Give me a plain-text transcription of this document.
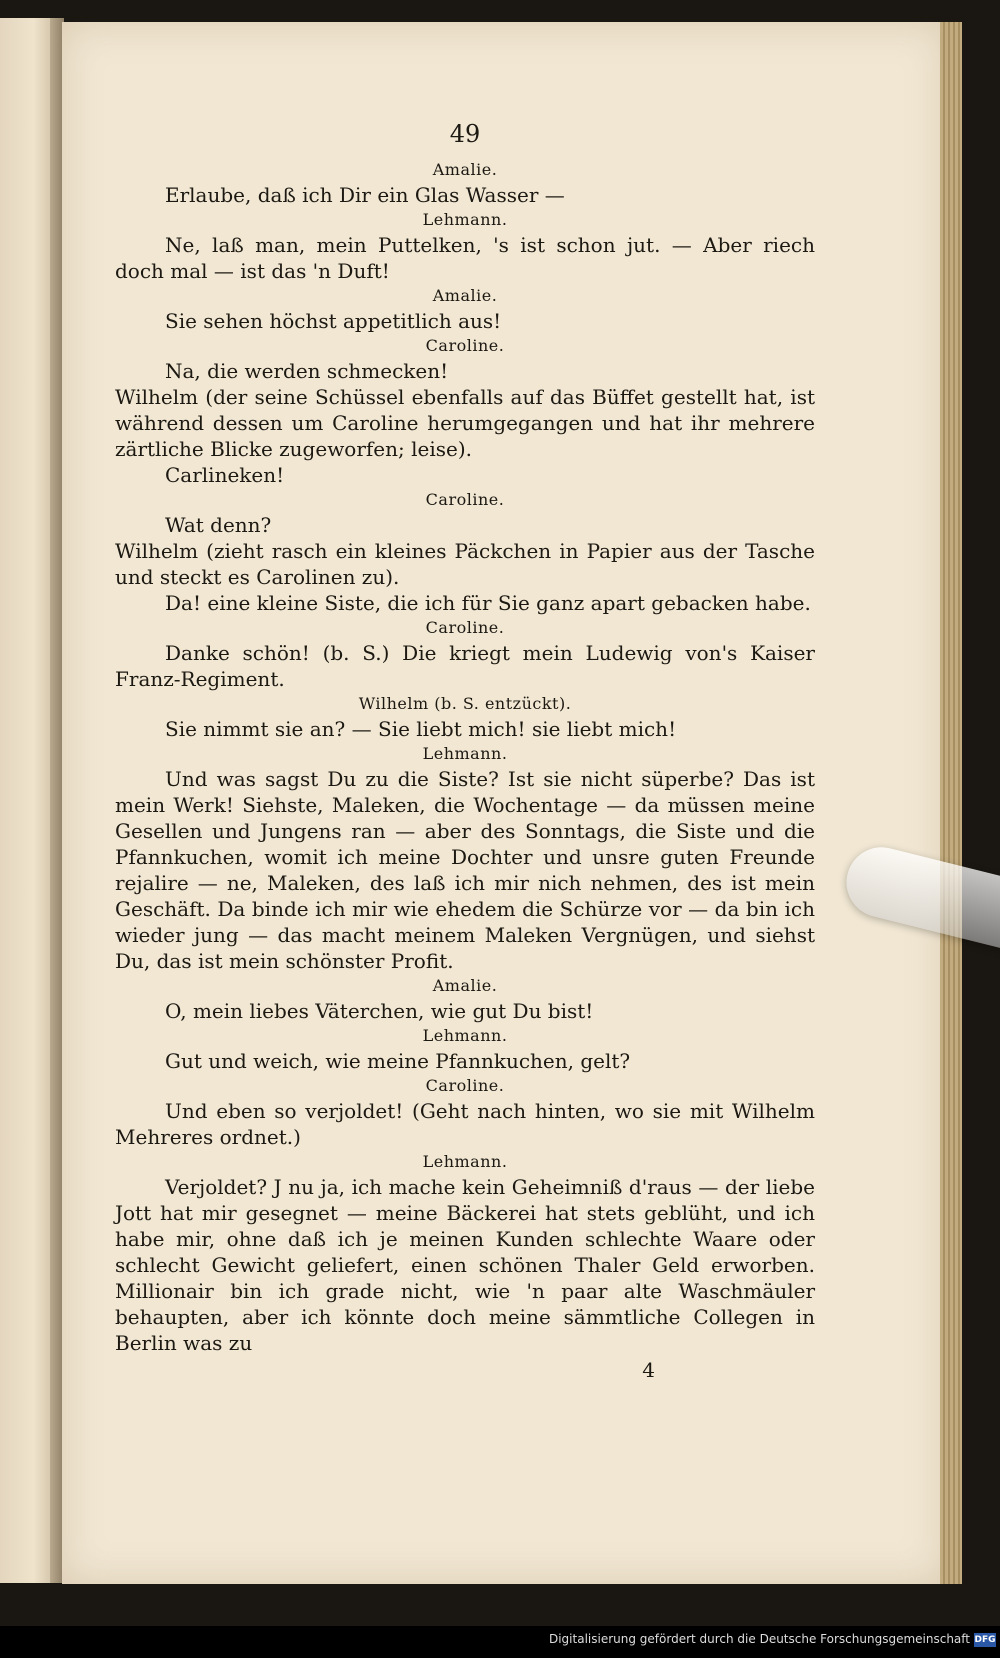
49
Amalie.

Erlaube, daß ich Dir ein Glas Wasser —

Lehmann.

Ne, laß man, mein Puttelken, 's ist schon jut. — Aber riech doch mal — ist das 'n Duft!

Amalie.

Sie sehen höchst appetitlich aus!

Caroline.

Na, die werden schmecken!

Wilhelm (der seine Schüssel ebenfalls auf das Büffet gestellt hat, ist während dessen um Caroline herumgegangen und hat ihr mehrere zärtliche Blicke zugeworfen; leise).

Carlineken!

Caroline.

Wat denn?

Wilhelm (zieht rasch ein kleines Päckchen in Papier aus der Tasche und steckt es Carolinen zu).

Da! eine kleine Siste, die ich für Sie ganz apart gebacken habe.

Caroline.

Danke schön! (b. S.) Die kriegt mein Ludewig von's Kaiser Franz-Regiment.

Wilhelm (b. S. entzückt).

Sie nimmt sie an? — Sie liebt mich! sie liebt mich!

Lehmann.

Und was sagst Du zu die Siste? Ist sie nicht süperbe? Das ist mein Werk! Siehste, Maleken, die Wochentage — da müssen meine Gesellen und Jungens ran — aber des Sonntags, die Siste und die Pfannkuchen, womit ich meine Dochter und unsre guten Freunde rejalire — ne, Maleken, des laß ich mir nich nehmen, des ist mein Geschäft. Da binde ich mir wie ehedem die Schürze vor — da bin ich wieder jung — das macht meinem Maleken Vergnügen, und siehst Du, das ist mein schönster Profit.

Amalie.

O, mein liebes Väterchen, wie gut Du bist!

Lehmann.

Gut und weich, wie meine Pfannkuchen, gelt?

Caroline.

Und eben so verjoldet! (Geht nach hinten, wo sie mit Wilhelm Mehreres ordnet.)

Lehmann.

Verjoldet? J nu ja, ich mache kein Geheimniß d'raus — der liebe Jott hat mir gesegnet — meine Bäckerei hat stets geblüht, und ich habe mir, ohne daß ich je meinen Kunden schlechte Waare oder schlecht Gewicht geliefert, einen schönen Thaler Geld erworben. Millionair bin ich grade nicht, wie 'n paar alte Waschmäuler behaupten, aber ich könnte doch meine sämmtliche Collegen in Berlin was zu

4
Digitalisierung gefördert durch die Deutsche Forschungsgemeinschaft DFG
